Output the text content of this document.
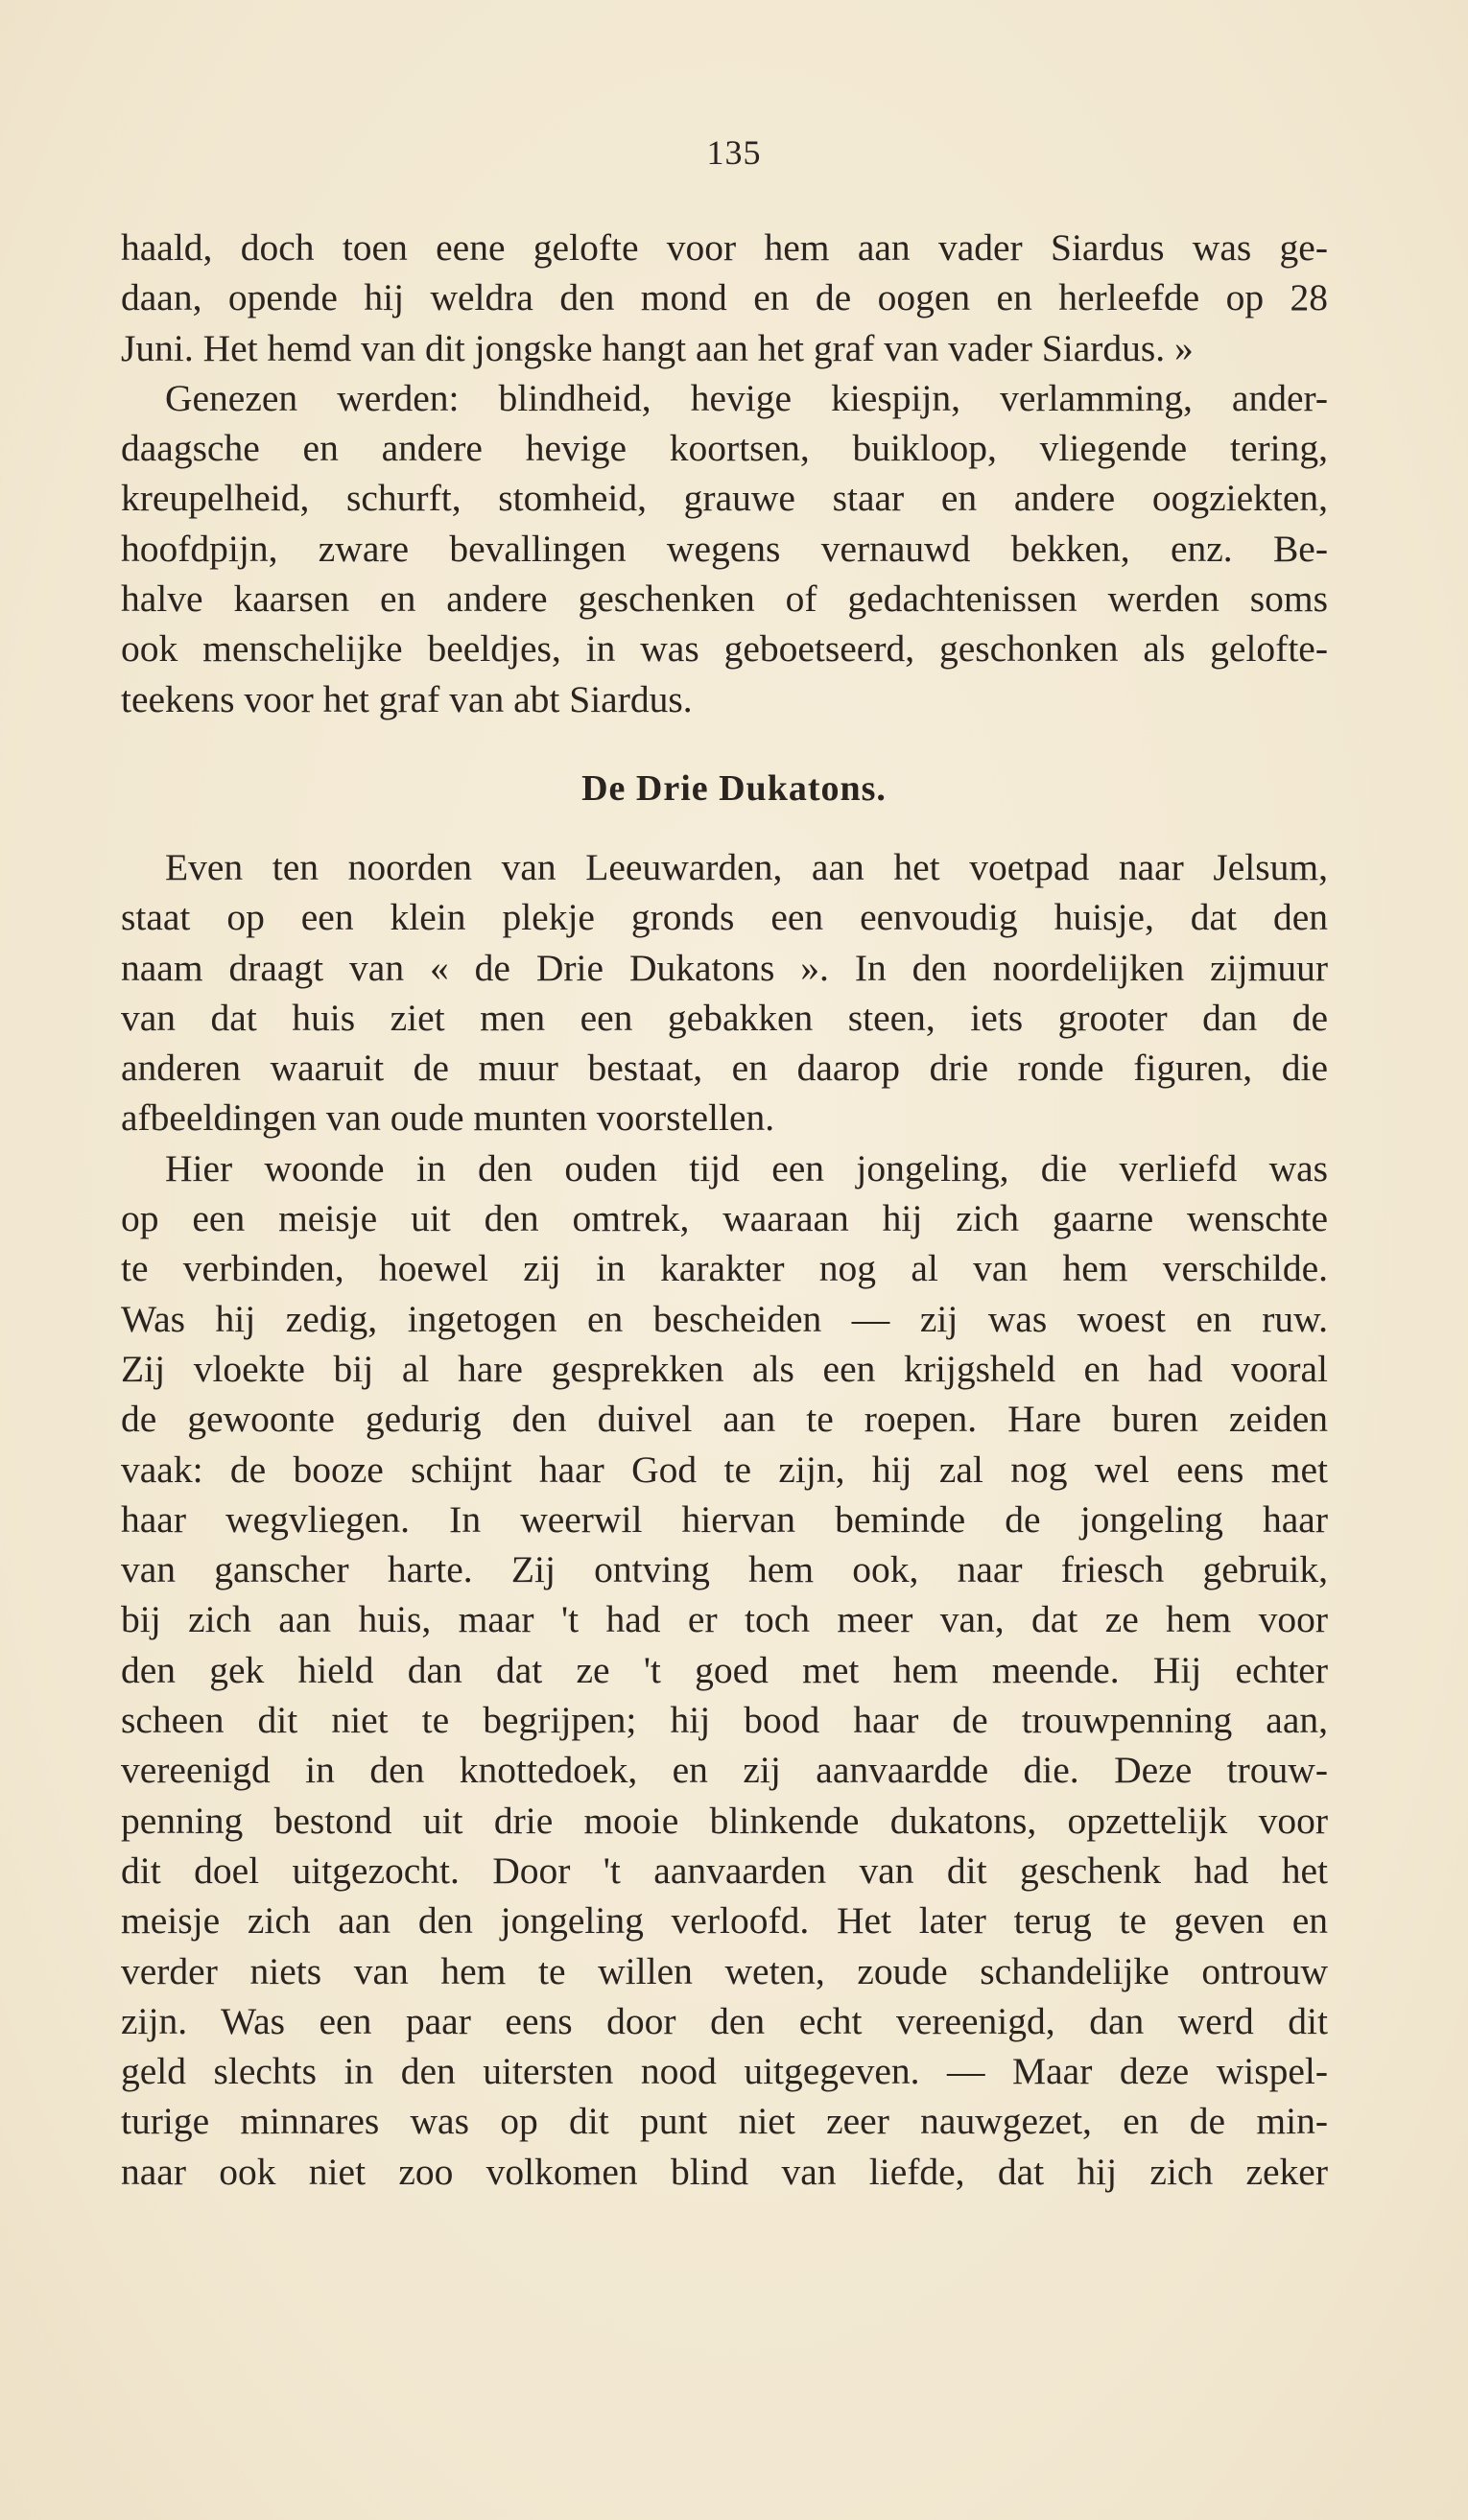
135
haald, doch toen eene gelofte voor hem aan vader Siardus was ge-
daan, opende hij weldra den mond en de oogen en herleefde op 28
Juni. Het hemd van dit jongske hangt aan het graf van vader Siardus. »
Genezen werden: blindheid, hevige kiespijn, verlamming, ander-
daagsche en andere hevige koortsen, buikloop, vliegende tering,
kreupelheid, schurft, stomheid, grauwe staar en andere oogziekten,
hoofdpijn, zware bevallingen wegens vernauwd bekken, enz. Be-
halve kaarsen en andere geschenken of gedachtenissen werden soms
ook menschelijke beeldjes, in was geboetseerd, geschonken als gelofte-
teekens voor het graf van abt Siardus.
De Drie Dukatons.
Even ten noorden van Leeuwarden, aan het voetpad naar Jelsum,
staat op een klein plekje gronds een eenvoudig huisje, dat den
naam draagt van « de Drie Dukatons ». In den noordelijken zijmuur
van dat huis ziet men een gebakken steen, iets grooter dan de
anderen waaruit de muur bestaat, en daarop drie ronde figuren, die
afbeeldingen van oude munten voorstellen.
Hier woonde in den ouden tijd een jongeling, die verliefd was
op een meisje uit den omtrek, waaraan hij zich gaarne wenschte
te verbinden, hoewel zij in karakter nog al van hem verschilde.
Was hij zedig, ingetogen en bescheiden — zij was woest en ruw.
Zij vloekte bij al hare gesprekken als een krijgsheld en had vooral
de gewoonte gedurig den duivel aan te roepen. Hare buren zeiden
vaak: de booze schijnt haar God te zijn, hij zal nog wel eens met
haar wegvliegen. In weerwil hiervan beminde de jongeling haar
van ganscher harte. Zij ontving hem ook, naar friesch gebruik,
bij zich aan huis, maar 't had er toch meer van, dat ze hem voor
den gek hield dan dat ze 't goed met hem meende. Hij echter
scheen dit niet te begrijpen; hij bood haar de trouwpenning aan,
vereenigd in den knottedoek, en zij aanvaardde die. Deze trouw-
penning bestond uit drie mooie blinkende dukatons, opzettelijk voor
dit doel uitgezocht. Door 't aanvaarden van dit geschenk had het
meisje zich aan den jongeling verloofd. Het later terug te geven en
verder niets van hem te willen weten, zoude schandelijke ontrouw
zijn. Was een paar eens door den echt vereenigd, dan werd dit
geld slechts in den uitersten nood uitgegeven. — Maar deze wispel-
turige minnares was op dit punt niet zeer nauwgezet, en de min-
naar ook niet zoo volkomen blind van liefde, dat hij zich zeker
